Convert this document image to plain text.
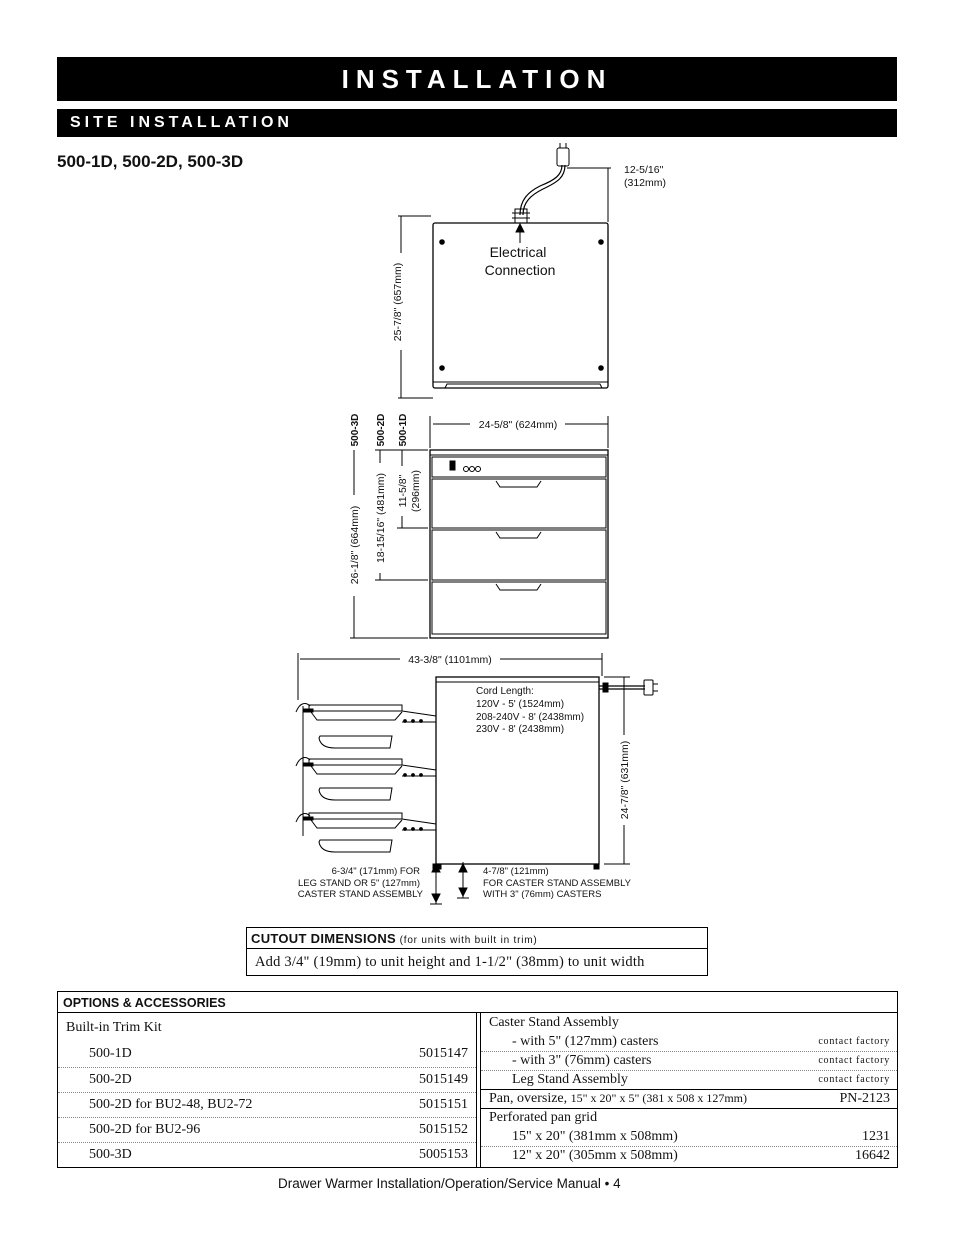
INSTALLATION
SITE INSTALLATION
500-1D, 500-2D, 500-3D	12-5/16"
(312mm)
25-7/8" (657mm)
Electrical
Connection
24-5/8" (624mm)
500-3D 500-2D 500-1D
26-1/8" (664mm) 18-15/16" (481mm) 11-5/8" (296mm)
43-3/8" (1101mm)
Cord Length:
120V - 5' (1524mm)
208-240V - 8' (2438mm)
230V - 8' (2438mm)
24-7/8" (631mm)
6-3/4" (171mm) FOR
LEG STAND OR 5" (127mm)
CASTER STAND ASSEMBLY
4-7/8" (121mm)
FOR CASTER STAND ASSEMBLY
WITH 3" (76mm) CASTERS
CUTOUT DIMENSIONS (for units with built in trim)
Add 3/4" (19mm) to unit height and 1-1/2" (38mm) to unit width
OPTIONS & ACCESSORIES
Built-in Trim Kit
500-1D	5015147
500-2D	5015149
500-2D for BU2-48, BU2-72	5015151
500-2D for BU2-96	5015152
500-3D	5005153
Caster Stand Assembly
- with 5" (127mm) casters	contact factory
- with 3" (76mm) casters	contact factory
Leg Stand Assembly	contact factory
Pan, oversize, 15" x 20" x 5" (381 x 508 x 127mm)	PN-2123
Perforated pan grid
15" x 20" (381mm x 508mm)	1231
12" x 20" (305mm x 508mm)	16642
Drawer Warmer Installation/Operation/Service Manual • 4
